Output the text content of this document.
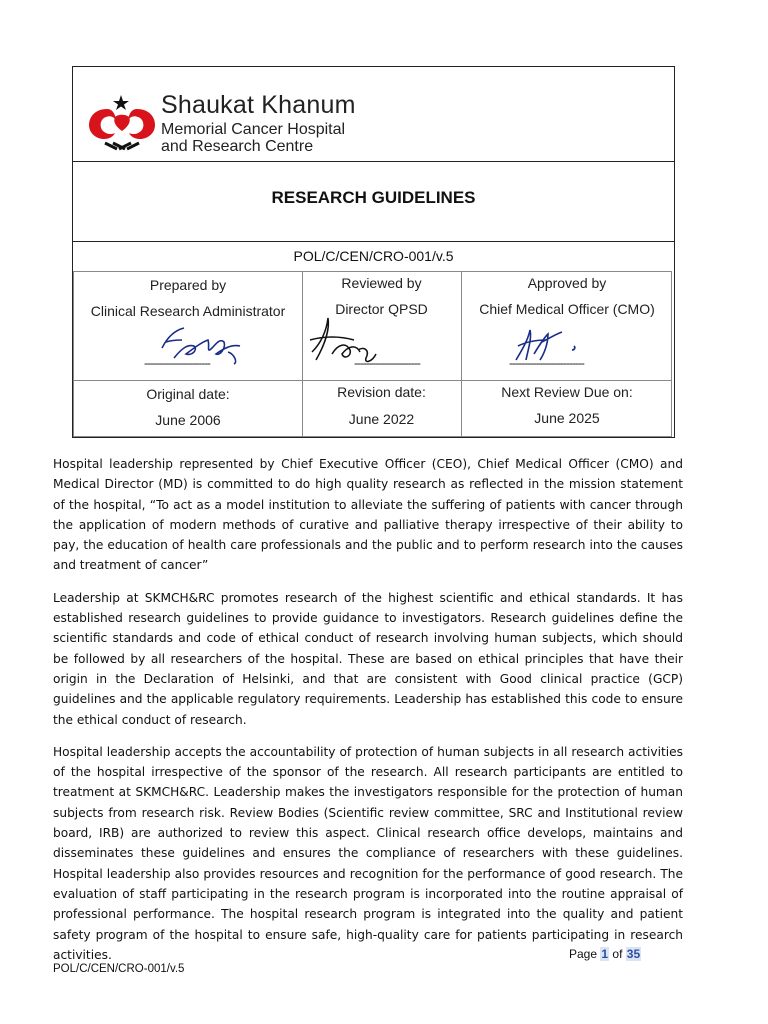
Shaukat Khanum
Memorial Cancer Hospital
and Research Centre
RESEARCH GUIDELINES
POL/C/CEN/CRO-001/v.5
Prepared by
Clinical Research Administrator
----------------------
Original date:
June 2006
Reviewed by
Director QPSD
----------------------
Revision date:
June 2022
Approved by
Chief Medical Officer (CMO)
-------------------------
Next Review Due on:
June 2025

Hospital leadership represented by Chief Executive Officer (CEO), Chief Medical Officer (CMO) and Medical Director (MD) is committed to do high quality research as reflected in the mission statement of the hospital, “To act as a model institution to alleviate the suffering of patients with cancer through the application of modern methods of curative and palliative therapy irrespective of their ability to pay, the education of health care professionals and the public and to perform research into the causes and treatment of cancer”

Leadership at SKMCH&RC promotes research of the highest scientific and ethical standards. It has established research guidelines to provide guidance to investigators. Research guidelines define the scientific standards and code of ethical conduct of research involving human subjects, which should be followed by all researchers of the hospital. These are based on ethical principles that have their origin in the Declaration of Helsinki, and that are consistent with Good clinical practice (GCP) guidelines and the applicable regulatory requirements. Leadership has established this code to ensure the ethical conduct of research.

Hospital leadership accepts the accountability of protection of human subjects in all research activities of the hospital irrespective of the sponsor of the research. All research participants are entitled to treatment at SKMCH&RC. Leadership makes the investigators responsible for the protection of human subjects from research risk. Review Bodies (Scientific review committee, SRC and Institutional review board, IRB) are authorized to review this aspect. Clinical research office develops, maintains and disseminates these guidelines and ensures the compliance of researchers with these guidelines. Hospital leadership also provides resources and recognition for the performance of good research. The evaluation of staff participating in the research program is incorporated into the routine appraisal of professional performance. The hospital research program is integrated into the quality and patient safety program of the hospital to ensure safe, high-quality care for patients participating in research activities.	Page 1 of 35
POL/C/CEN/CRO-001/v.5
